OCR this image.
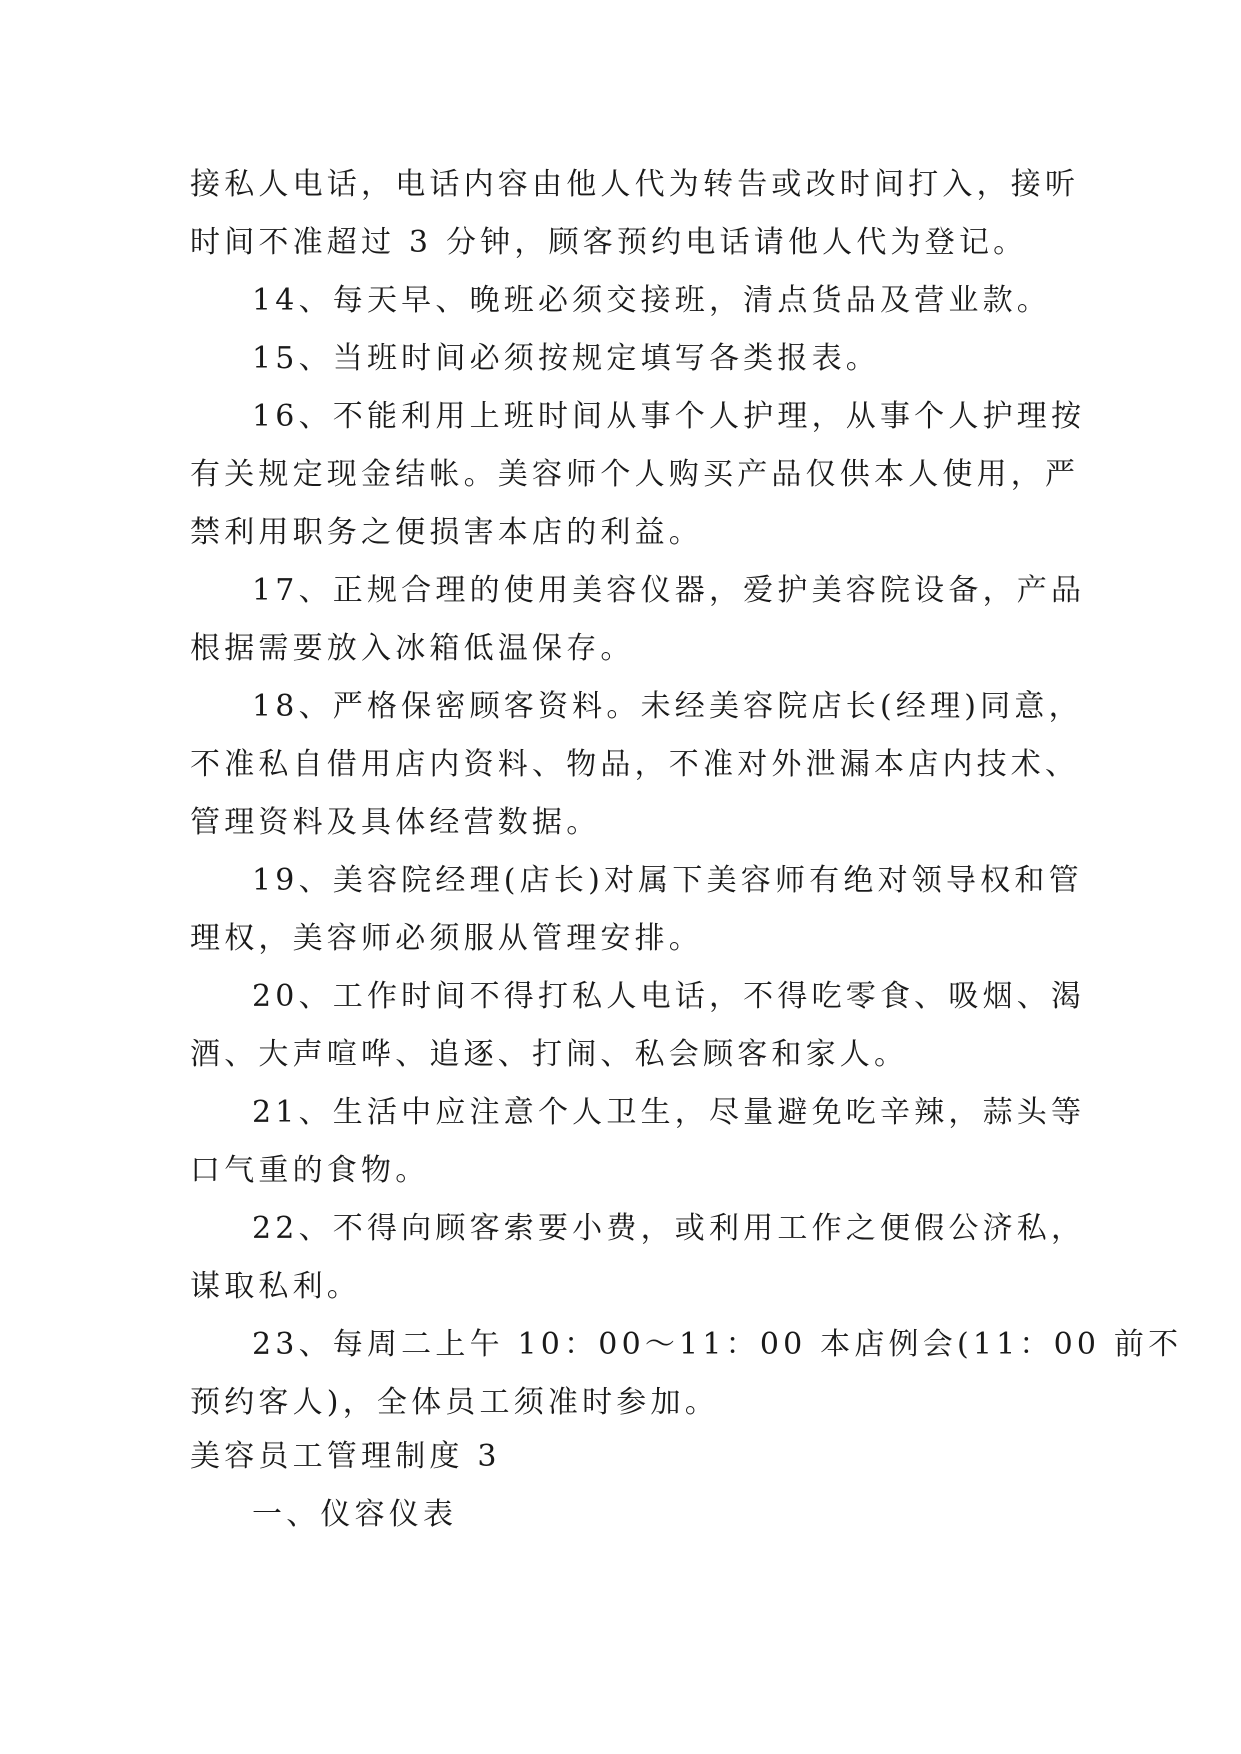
接私人电话，电话内容由他人代为转告或改时间打入，接听
时间不准超过 3 分钟，顾客预约电话请他人代为登记。
14、每天早、晚班必须交接班，清点货品及营业款。
15、当班时间必须按规定填写各类报表。
16、不能利用上班时间从事个人护理，从事个人护理按
有关规定现金结帐。美容师个人购买产品仅供本人使用，严
禁利用职务之便损害本店的利益。
17、正规合理的使用美容仪器，爱护美容院设备，产品
根据需要放入冰箱低温保存。
18、严格保密顾客资料。未经美容院店长(经理)同意，
不准私自借用店内资料、物品，不准对外泄漏本店内技术、
管理资料及具体经营数据。
19、美容院经理(店长)对属下美容师有绝对领导权和管
理权，美容师必须服从管理安排。
20、工作时间不得打私人电话，不得吃零食、吸烟、渴
酒、大声喧哗、追逐、打闹、私会顾客和家人。
21、生活中应注意个人卫生，尽量避免吃辛辣，蒜头等
口气重的食物。
22、不得向顾客索要小费，或利用工作之便假公济私，
谋取私利。
23、每周二上午 10：00～11：00 本店例会(11：00 前不
预约客人)，全体员工须准时参加。
美容员工管理制度 3
一、仪容仪表
